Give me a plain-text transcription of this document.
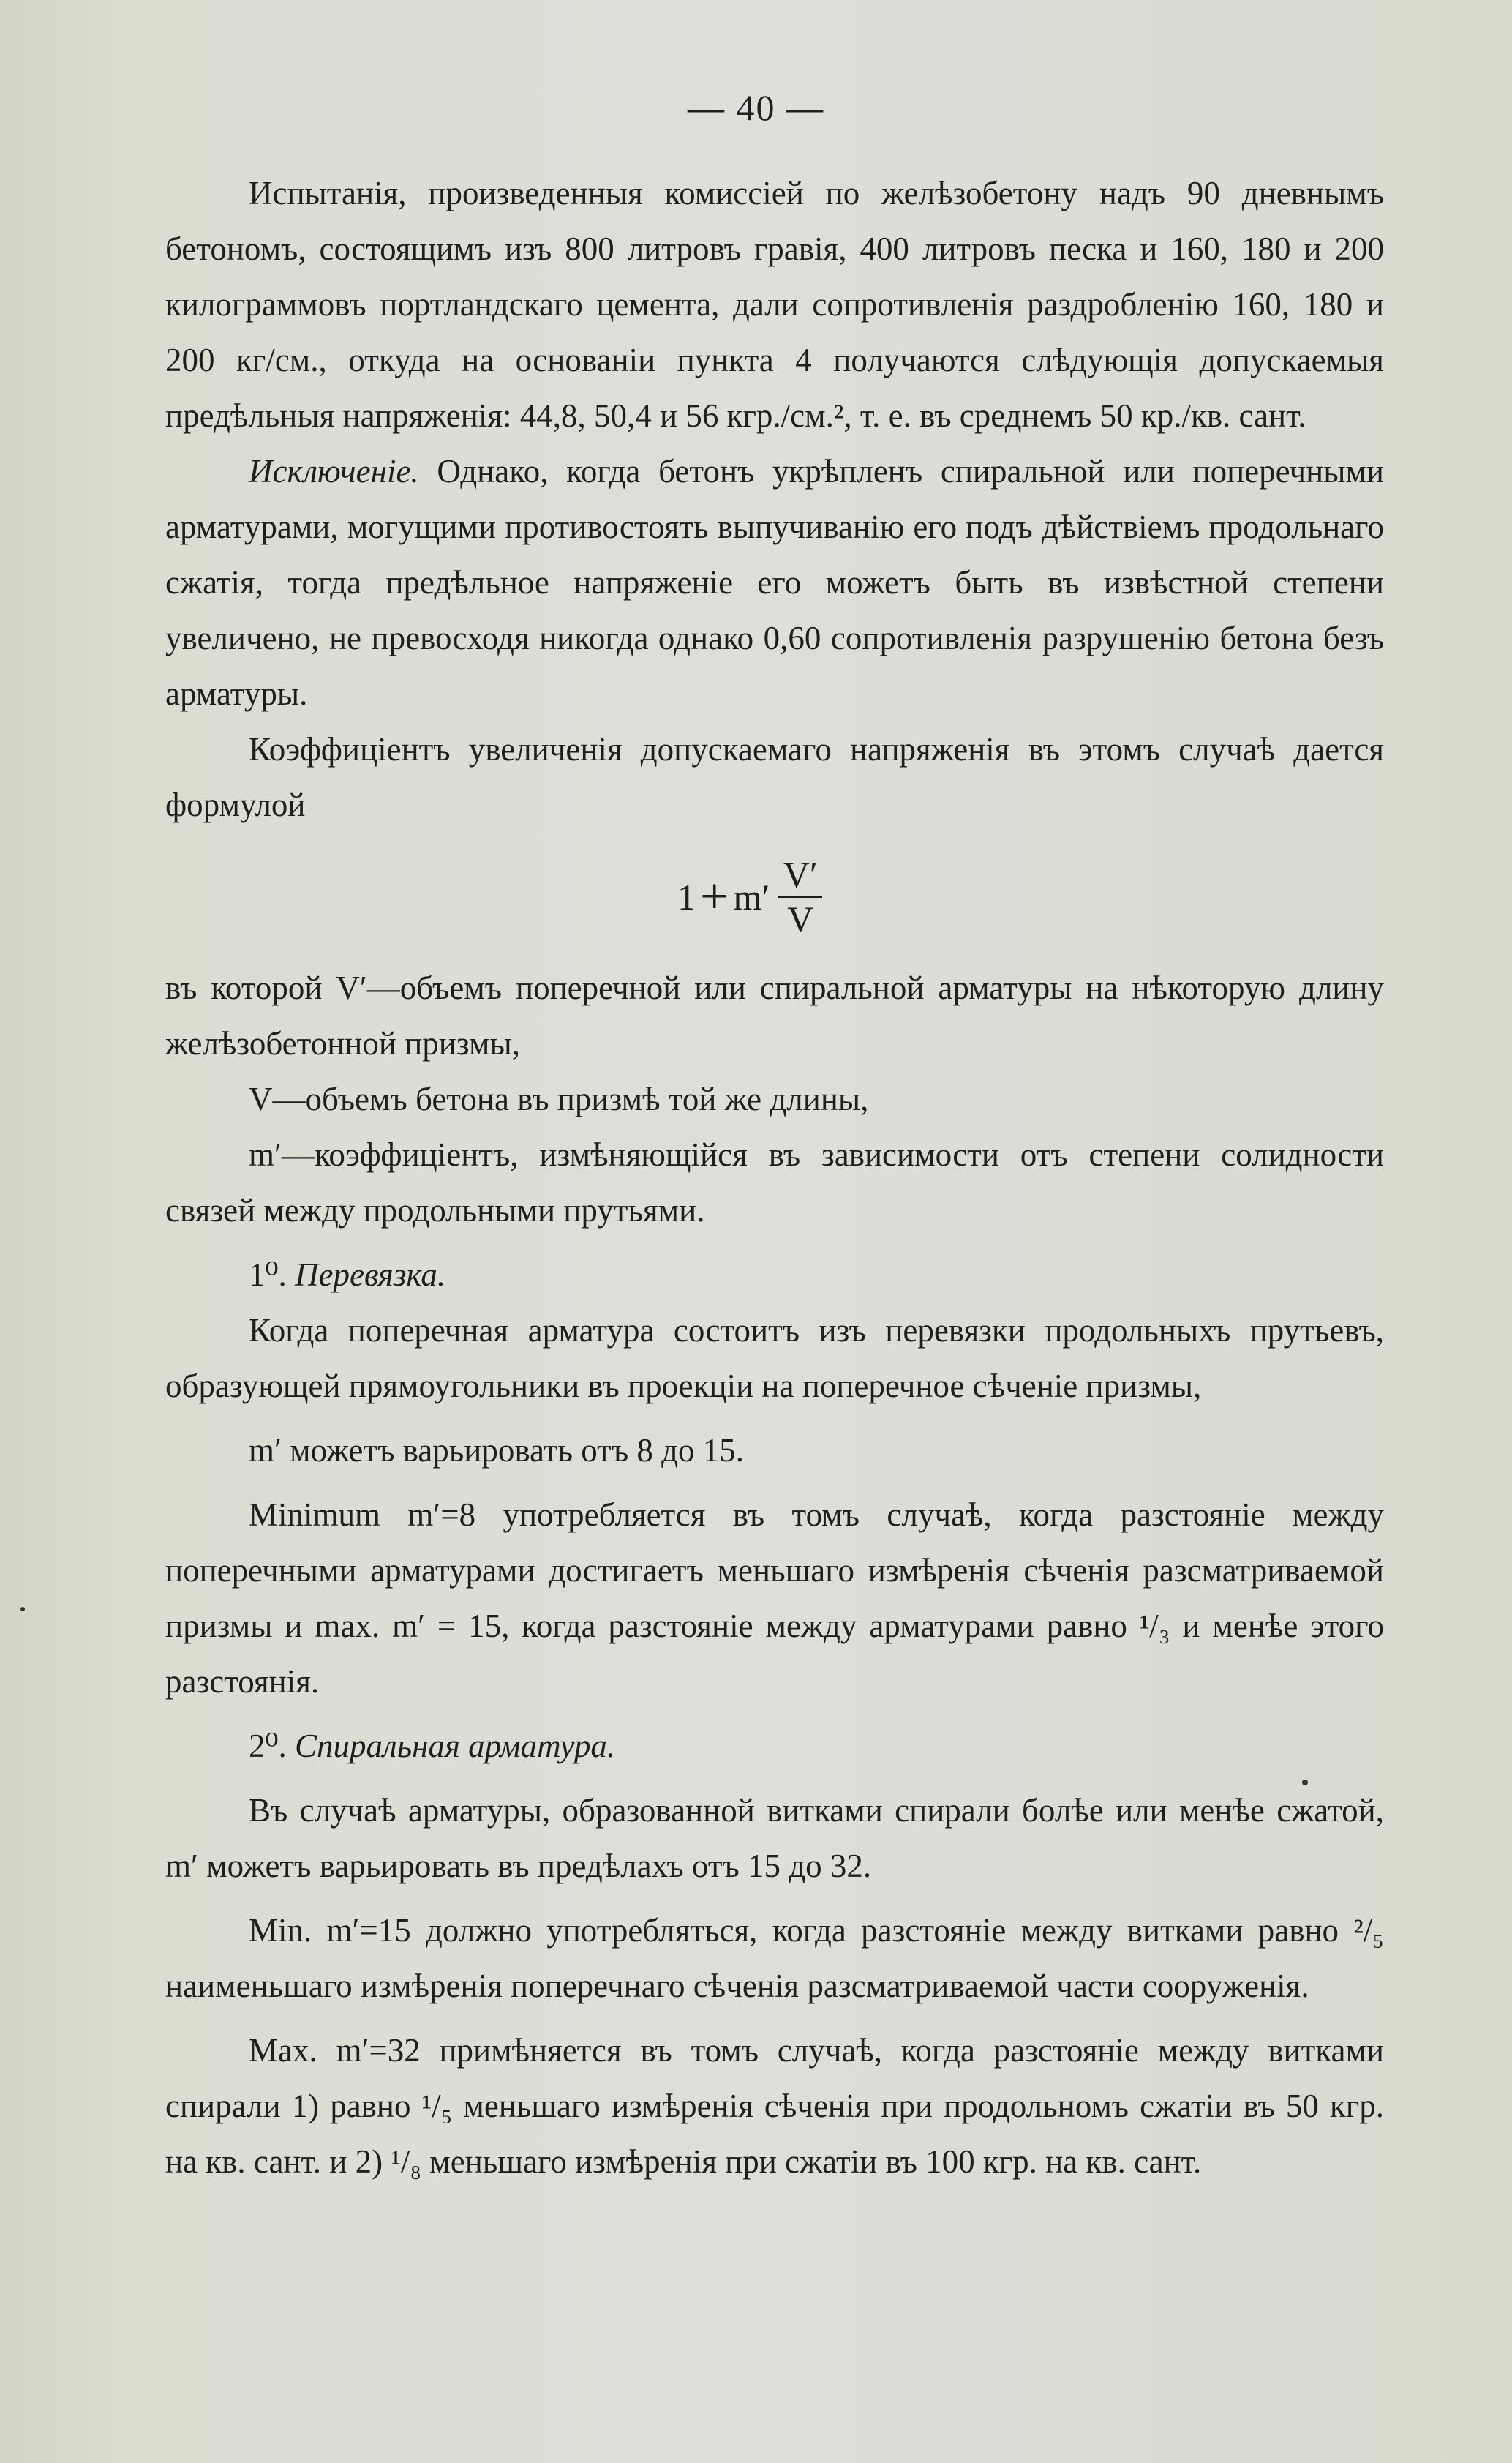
— 40 —

Испытанія, произведенныя комиссіей по желѣзобетону надъ 90 дневнымъ бетономъ, состоящимъ изъ 800 литровъ гравія, 400 литровъ песка и 160, 180 и 200 килограммовъ портландскаго цемента, дали сопротивленія раздробленію 160, 180 и 200 кг/см., откуда на основаніи пункта 4 получаются слѣдующія допускаемыя предѣльныя напряженія: 44,8, 50,4 и 56 кгр./см.², т. е. въ среднемъ 50 кр./кв. сант.

Исключеніе. Однако, когда бетонъ укрѣпленъ спиральной или поперечными арматурами, могущими противостоять выпучиванію его подъ дѣйствіемъ продольнаго сжатія, тогда предѣльное напряженіе его можетъ быть въ извѣстной степени увеличено, не превосходя никогда однако 0,60 сопротивленія разрушенію бетона безъ арматуры.

Коэффиціентъ увеличенія допускаемаго напряженія въ этомъ случаѣ дается формулой

$1 + m' \frac{V'}{V}$

въ которой V′—объемъ поперечной или спиральной арматуры на нѣкоторую длину желѣзобетонной призмы,

V—объемъ бетона въ призмѣ той же длины,

m′—коэффиціентъ, измѣняющійся въ зависимости отъ степени солидности связей между продольными прутьями.

1⁰. Перевязка.

Когда поперечная арматура состоитъ изъ перевязки продольныхъ прутьевъ, образующей прямоугольники въ проекціи на поперечное сѣченіе призмы,

m′ можетъ варьировать отъ 8 до 15.

Minimum m′=8 употребляется въ томъ случаѣ, когда разстояніе между поперечными арматурами достигаетъ меньшаго измѣренія сѣченія разсматриваемой призмы и max. m′ = 15, когда разстояніе между арматурами равно ¹/₃ и менѣе этого разстоянія.

2⁰. Спиральная арматура.

Въ случаѣ арматуры, образованной витками спирали болѣе или менѣе сжатой, m′ можетъ варьировать въ предѣлахъ отъ 15 до 32.

Min. m′=15 должно употребляться, когда разстояніе между витками равно ²/₅ наименьшаго измѣренія поперечнаго сѣченія разсматриваемой части сооруженія.

Max. m′=32 примѣняется въ томъ случаѣ, когда разстояніе между витками спирали 1) равно ¹/₅ меньшаго измѣренія сѣченія при продольномъ сжатіи въ 50 кгр. на кв. сант. и 2) ¹/₈ меньшаго измѣренія при сжатіи въ 100 кгр. на кв. сант.
